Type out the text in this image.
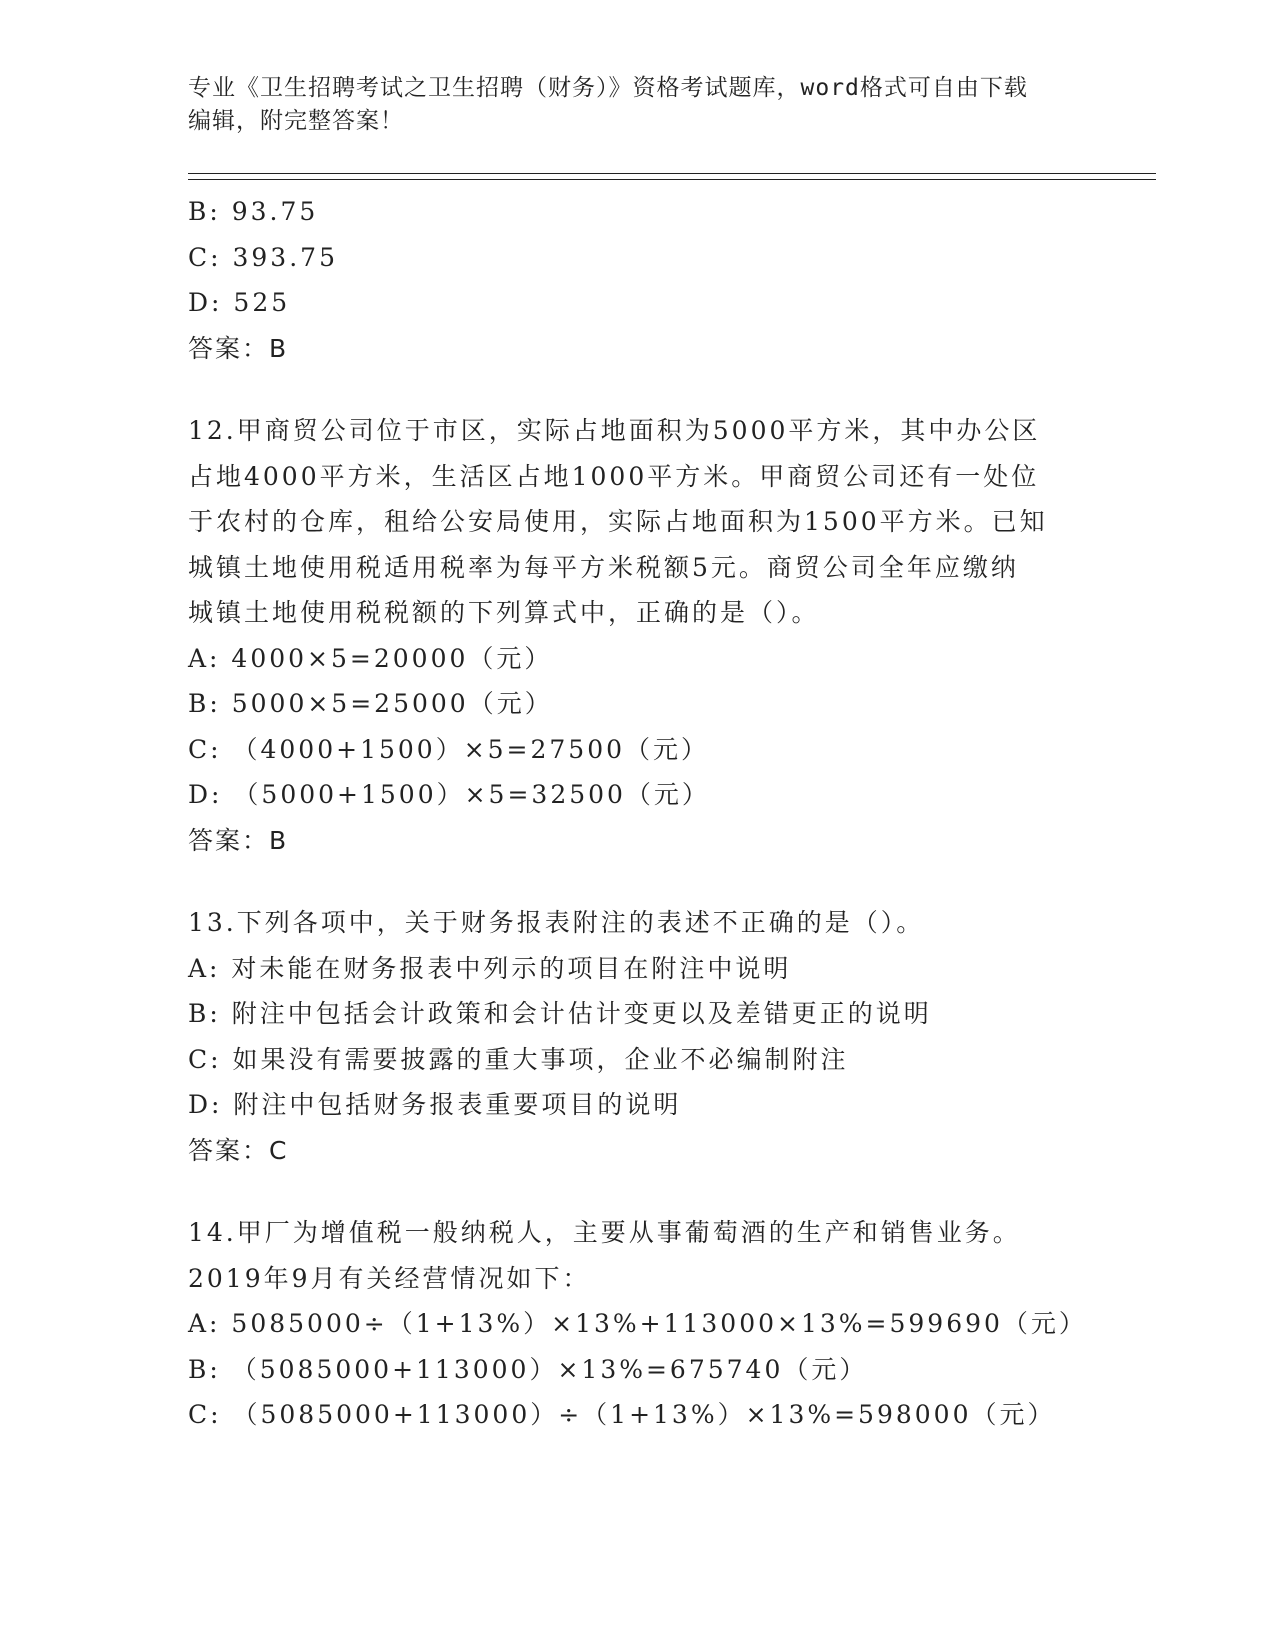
专业《卫生招聘考试之卫生招聘（财务）》资格考试题库，word格式可自由下载
编辑，附完整答案！
B: 93.75
C: 393.75
D: 525
答案：B
12.甲商贸公司位于市区，实际占地面积为5000平方米，其中办公区
占地4000平方米，生活区占地1000平方米。甲商贸公司还有一处位
于农村的仓库，租给公安局使用，实际占地面积为1500平方米。已知
城镇土地使用税适用税率为每平方米税额5元。商贸公司全年应缴纳
城镇土地使用税税额的下列算式中，正确的是（）。
A: 4000×5=20000（元）
B: 5000×5=25000（元）
C: （4000+1500）×5=27500（元）
D: （5000+1500）×5=32500（元）
答案：B
13.下列各项中，关于财务报表附注的表述不正确的是（）。
A: 对未能在财务报表中列示的项目在附注中说明
B: 附注中包括会计政策和会计估计变更以及差错更正的说明
C: 如果没有需要披露的重大事项，企业不必编制附注
D: 附注中包括财务报表重要项目的说明
答案：C
14.甲厂为增值税一般纳税人，主要从事葡萄酒的生产和销售业务。
2019年9月有关经营情况如下：
A: 5085000÷（1+13%）×13%+113000×13%=599690（元）
B: （5085000+113000）×13%=675740（元）
C: （5085000+113000）÷（1+13%）×13%=598000（元）
